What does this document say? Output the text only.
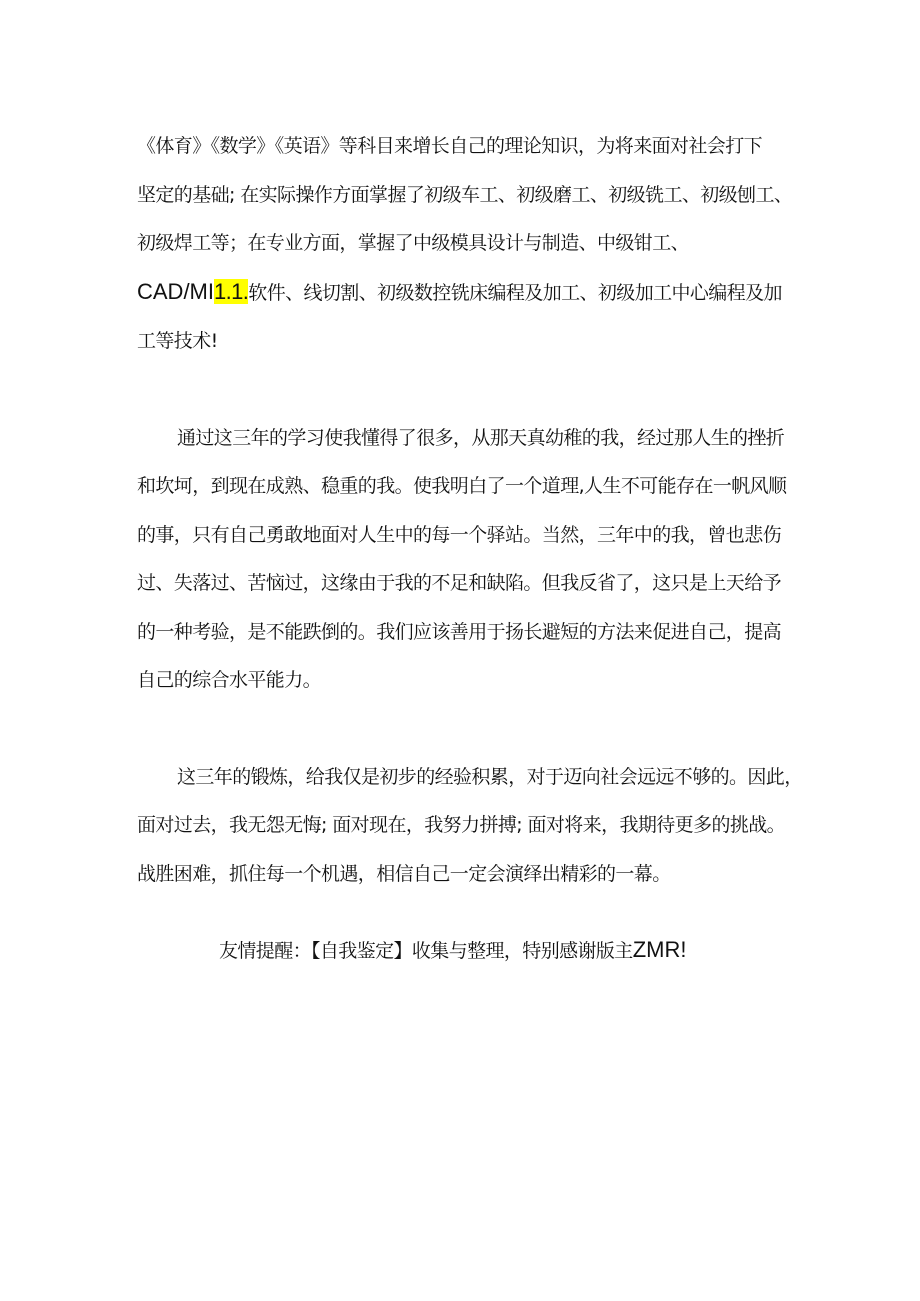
《体育》《数学》《英语》等科目来增长自己的理论知识，为将来面对社会打下
坚定的基础; 在实际操作方面掌握了初级车工、初级磨工、初级铣工、初级刨工、
初级焊工等；在专业方面，掌握了中级模具设计与制造、中级钳工、
CAD/MI1.1.软件、线切割、初级数控铣床编程及加工、初级加工中心编程及加
工等技术!

通过这三年的学习使我懂得了很多，从那天真幼稚的我，经过那人生的挫折
和坎坷，到现在成熟、稳重的我。使我明白了一个道理,人生不可能存在一帆风顺
的事，只有自己勇敢地面对人生中的每一个驿站。当然，三年中的我，曾也悲伤
过、失落过、苦恼过，这缘由于我的不足和缺陷。但我反省了，这只是上天给予
的一种考验，是不能跌倒的。我们应该善用于扬长避短的方法来促进自己，提高
自己的综合水平能力。

这三年的锻炼，给我仅是初步的经验积累，对于迈向社会远远不够的。因此，
面对过去，我无怨无悔; 面对现在，我努力拼搏; 面对将来，我期待更多的挑战。
战胜困难，抓住每一个机遇，相信自己一定会演绎出精彩的一幕。

友情提醒：【自我鉴定】收集与整理，特别感谢版主ZMR!
